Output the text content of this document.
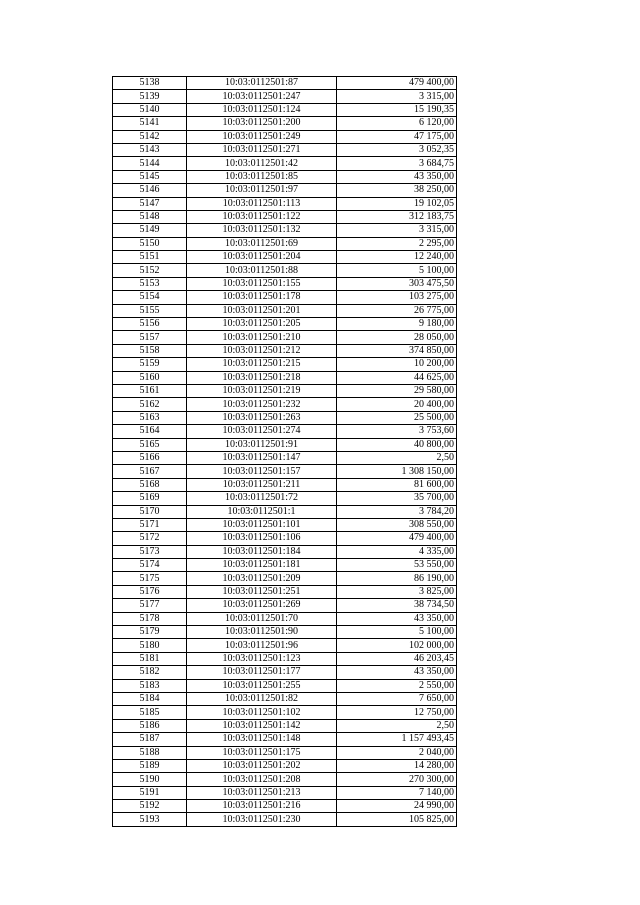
5138	10:03:0112501:87	479 400,00
5139	10:03:0112501:247	3 315,00
5140	10:03:0112501:124	15 190,35
5141	10:03:0112501:200	6 120,00
5142	10:03:0112501:249	47 175,00
5143	10:03:0112501:271	3 052,35
5144	10:03:0112501:42	3 684,75
5145	10:03:0112501:85	43 350,00
5146	10:03:0112501:97	38 250,00
5147	10:03:0112501:113	19 102,05
5148	10:03:0112501:122	312 183,75
5149	10:03:0112501:132	3 315,00
5150	10:03:0112501:69	2 295,00
5151	10:03:0112501:204	12 240,00
5152	10:03:0112501:88	5 100,00
5153	10:03:0112501:155	303 475,50
5154	10:03:0112501:178	103 275,00
5155	10:03:0112501:201	26 775,00
5156	10:03:0112501:205	9 180,00
5157	10:03:0112501:210	28 050,00
5158	10:03:0112501:212	374 850,00
5159	10:03:0112501:215	10 200,00
5160	10:03:0112501:218	44 625,00
5161	10:03:0112501:219	29 580,00
5162	10:03:0112501:232	20 400,00
5163	10:03:0112501:263	25 500,00
5164	10:03:0112501:274	3 753,60
5165	10:03:0112501:91	40 800,00
5166	10:03:0112501:147	2,50
5167	10:03:0112501:157	1 308 150,00
5168	10:03:0112501:211	81 600,00
5169	10:03:0112501:72	35 700,00
5170	10:03:0112501:1	3 784,20
5171	10:03:0112501:101	308 550,00
5172	10:03:0112501:106	479 400,00
5173	10:03:0112501:184	4 335,00
5174	10:03:0112501:181	53 550,00
5175	10:03:0112501:209	86 190,00
5176	10:03:0112501:251	3 825,00
5177	10:03:0112501:269	38 734,50
5178	10:03:0112501:70	43 350,00
5179	10:03:0112501:90	5 100,00
5180	10:03:0112501:96	102 000,00
5181	10:03:0112501:123	46 203,45
5182	10:03:0112501:177	43 350,00
5183	10:03:0112501:255	2 550,00
5184	10:03:0112501:82	7 650,00
5185	10:03:0112501:102	12 750,00
5186	10:03:0112501:142	2,50
5187	10:03:0112501:148	1 157 493,45
5188	10:03:0112501:175	2 040,00
5189	10:03:0112501:202	14 280,00
5190	10:03:0112501:208	270 300,00
5191	10:03:0112501:213	7 140,00
5192	10:03:0112501:216	24 990,00
5193	10:03:0112501:230	105 825,00
